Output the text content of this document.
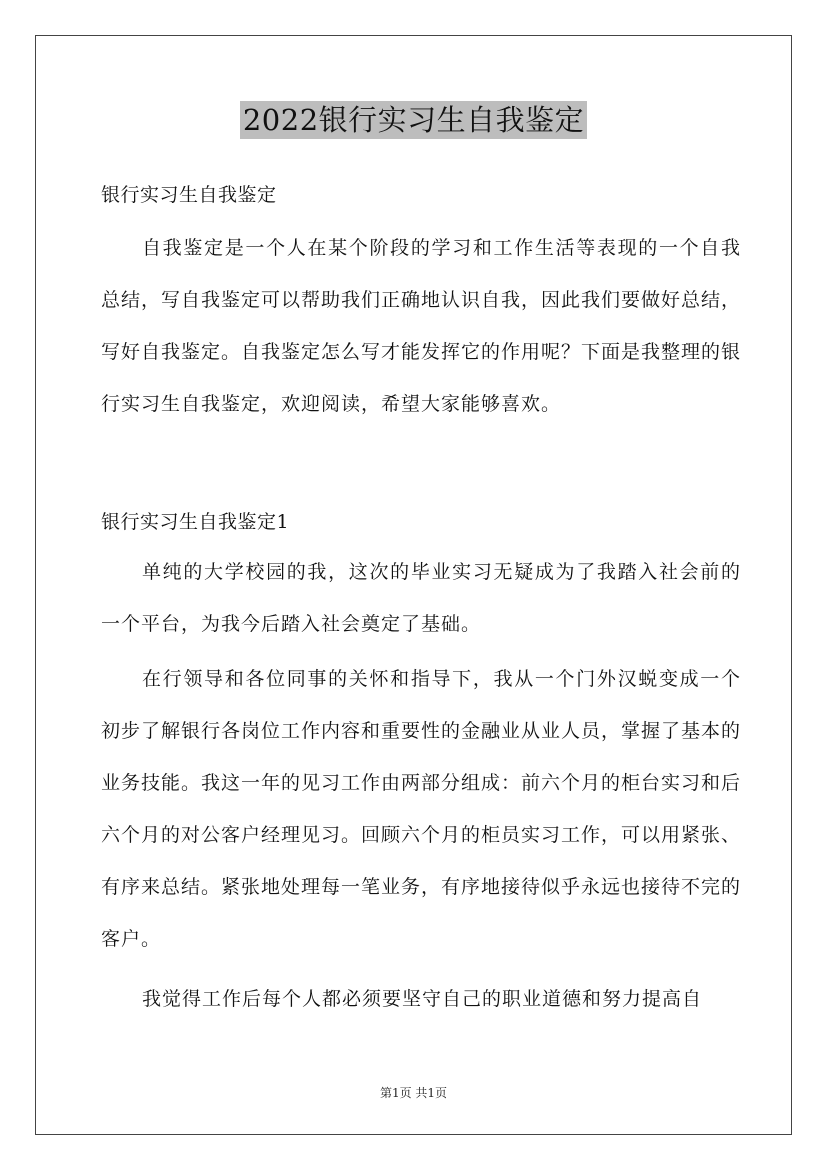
2022银行实习生自我鉴定

银行实习生自我鉴定

自我鉴定是一个人在某个阶段的学习和工作生活等表现的一个自我总结，写自我鉴定可以帮助我们正确地认识自我，因此我们要做好总结，写好自我鉴定。自我鉴定怎么写才能发挥它的作用呢？下面是我整理的银行实习生自我鉴定，欢迎阅读，希望大家能够喜欢。

银行实习生自我鉴定1

单纯的大学校园的我，这次的毕业实习无疑成为了我踏入社会前的一个平台，为我今后踏入社会奠定了基础。

在行领导和各位同事的关怀和指导下，我从一个门外汉蜕变成一个初步了解银行各岗位工作内容和重要性的金融业从业人员，掌握了基本的业务技能。我这一年的见习工作由两部分组成：前六个月的柜台实习和后六个月的对公客户经理见习。回顾六个月的柜员实习工作，可以用紧张、有序来总结。紧张地处理每一笔业务，有序地接待似乎永远也接待不完的客户。

我觉得工作后每个人都必须要坚守自己的职业道德和努力提高自

第1页 共1页
